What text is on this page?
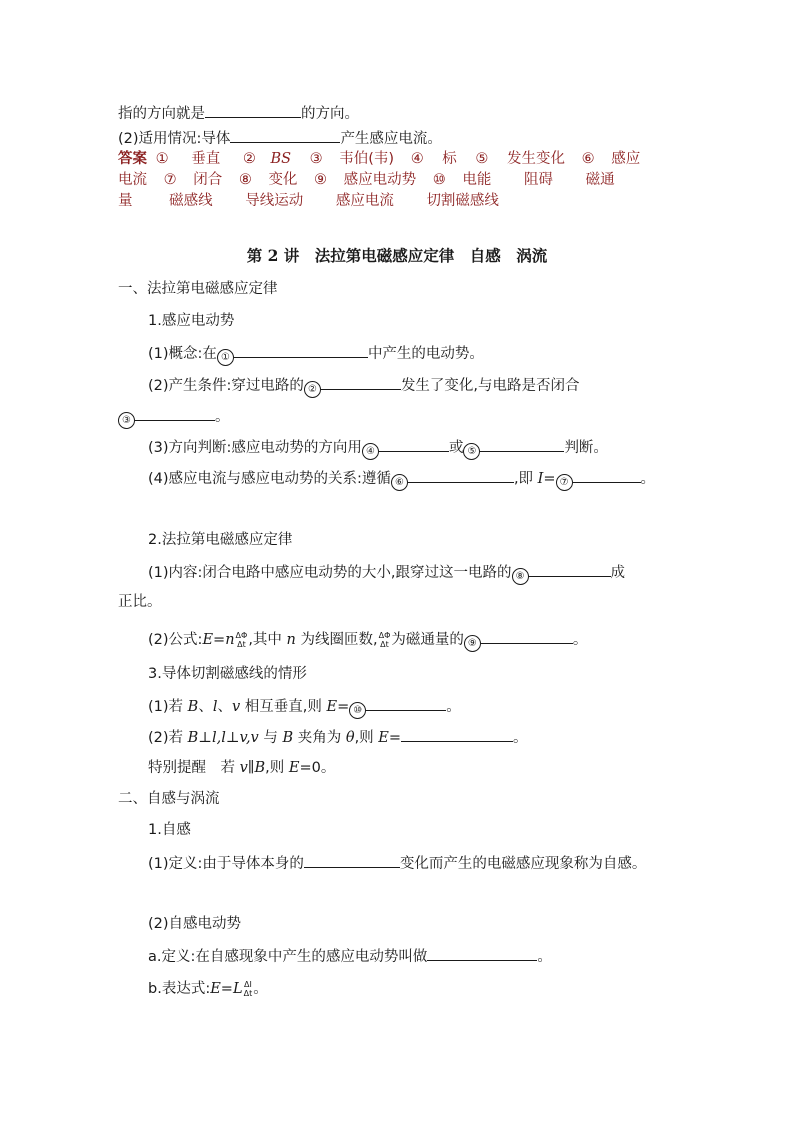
指的方向就是	的方向。
(2)适用情况:导体	产生感应电流。
答案 ① 垂直 ② BS ③ 韦伯(韦) ④ 标 ⑤ 发生变化 ⑥ 感应
电流 ⑦ 闭合 ⑧ 变化 ⑨ 感应电动势 ⑩ 电能 阻碍 磁通
量	磁感线 导线运动 感应电流 切割磁感线
第 2 讲　法拉第电磁感应定律　自感　涡流
一、法拉第电磁感应定律
1.感应电动势
(1)概念:在 ①	中产生的电动势。
(2)产生条件:穿过电路的 ②	发生了变化,与电路是否闭合
③	。
(3)方向判断:感应电动势的方向用 ④	或 ⑤	判断。
(4)感应电流与感应电动势的关系:遵循 ⑥	,即 I= ⑦	。
2.法拉第电磁感应定律
(1)内容:闭合电路中感应电动势的大小,跟穿过这一电路的 ⑧	成
正比。
(2)公式:E=n ΔΦ
Δt ,其中 n 为线圈匝数, ΔΦ
Δt 为磁通量的 ⑨	。
3.导体切割磁感线的情形
(1)若 B、l、v 相互垂直,则 E= ⑩	。
(2)若 B⊥l,l⊥v,v 与 B 夹角为 θ,则 E=	。
特别提醒　若 v∥B,则 E=0。
二、自感与涡流
1.自感
(1)定义:由于导体本身的	变化而产生的电磁感应现象称为自感。
(2)自感电动势
a.定义:在自感现象中产生的感应电动势叫做	。
b.表达式:E=L ΔI
Δt 。
